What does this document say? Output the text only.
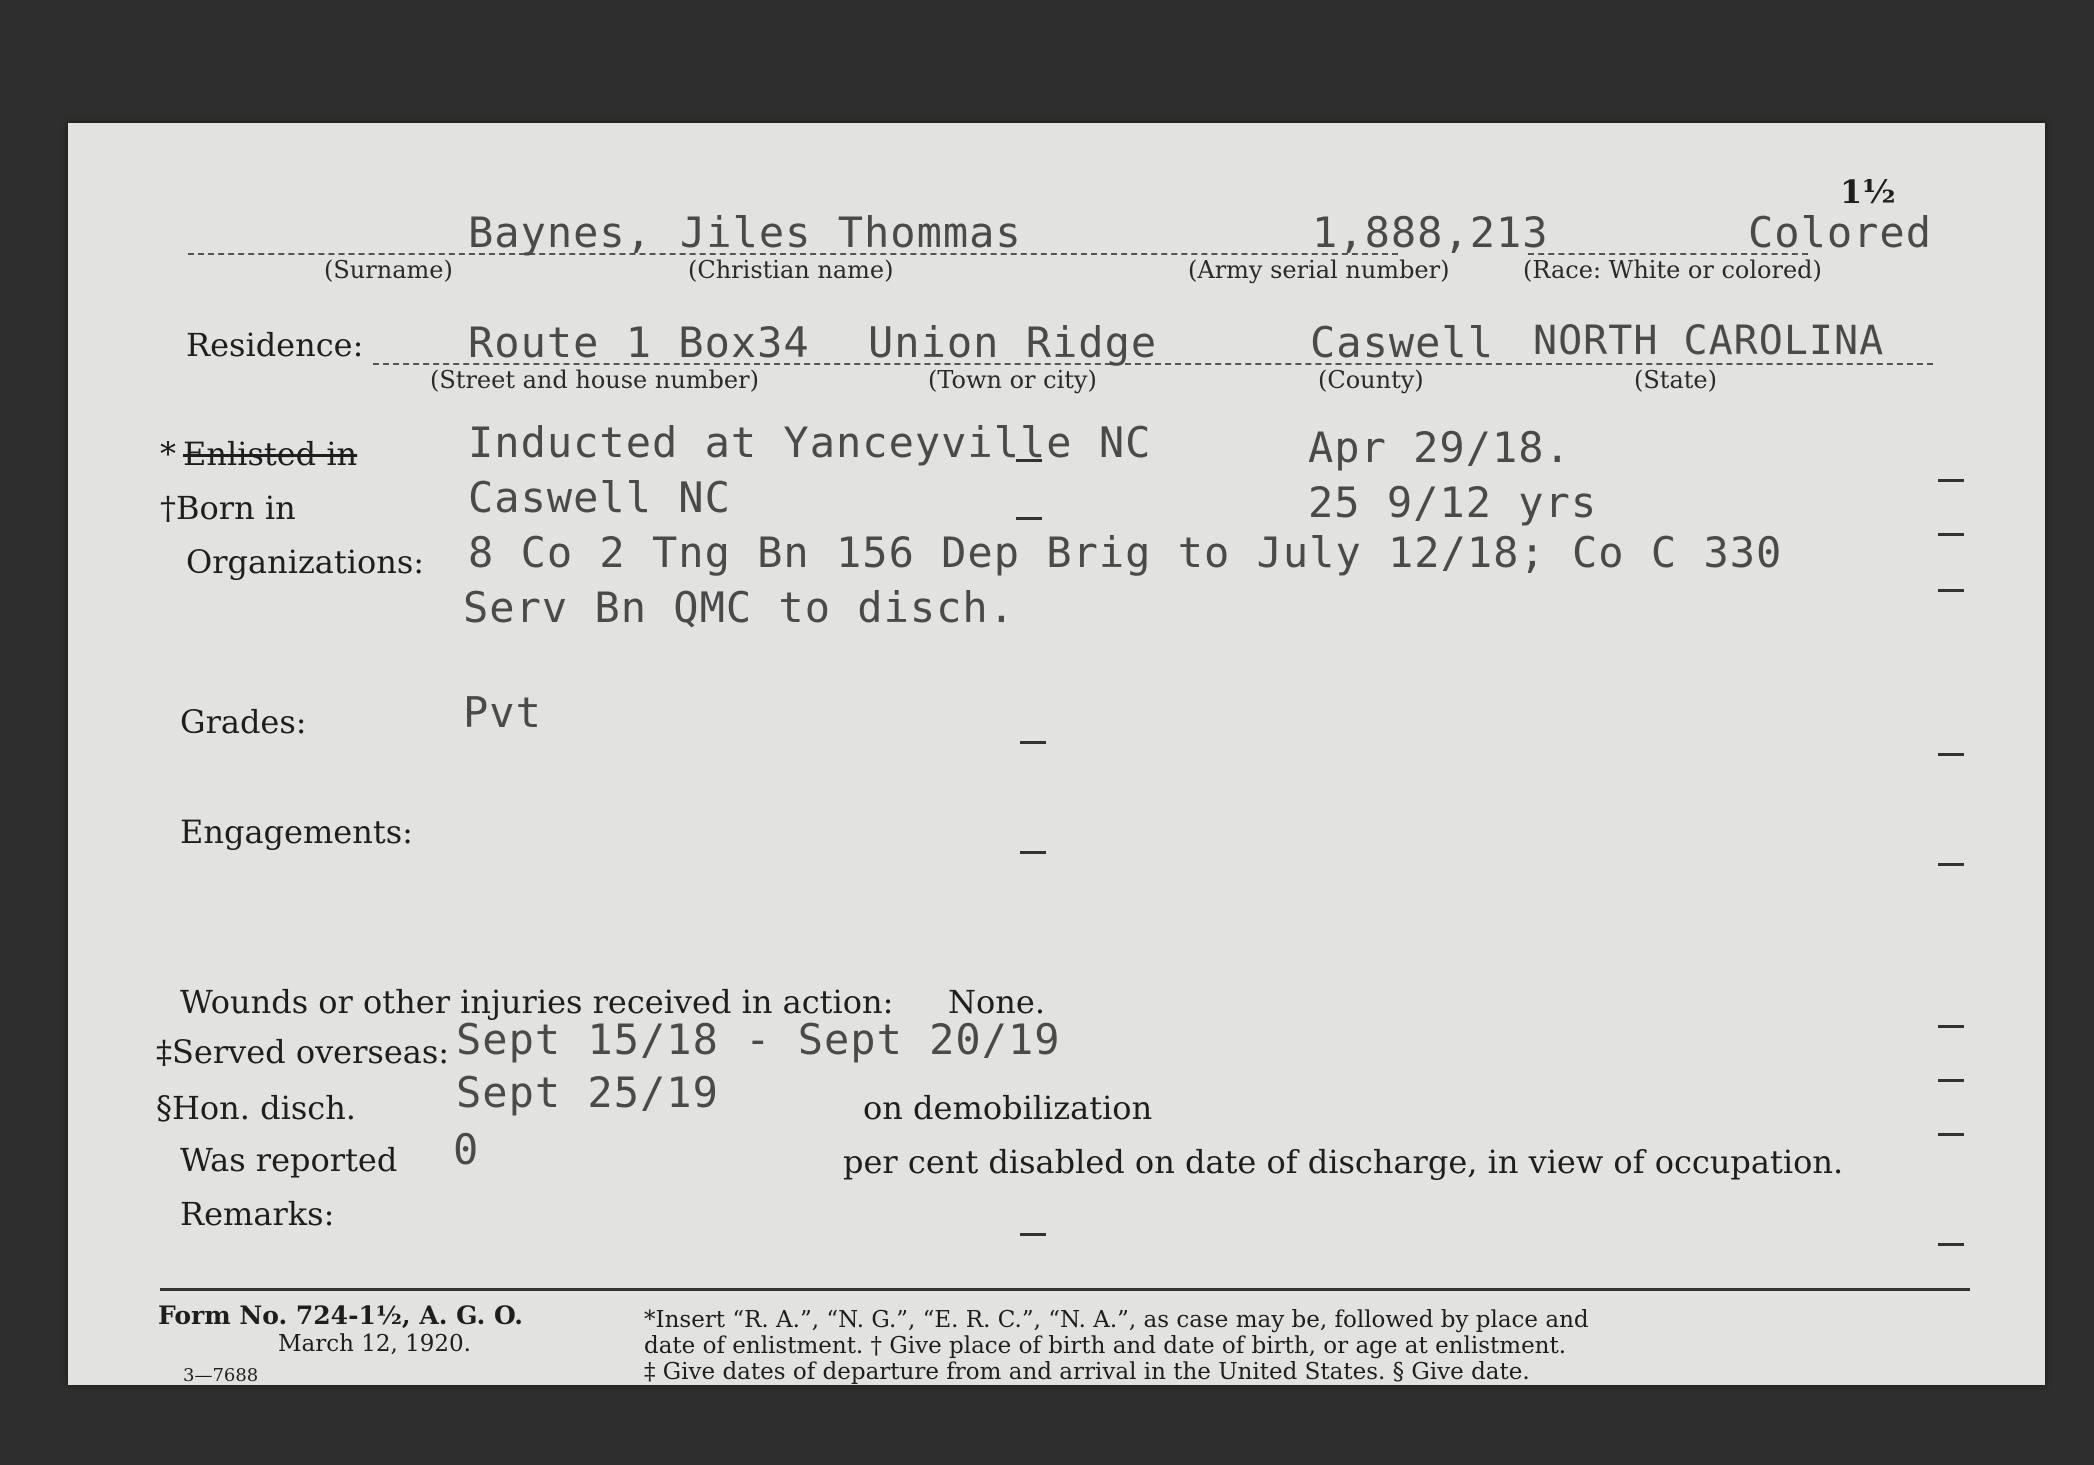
1½
Baynes, Jiles Thommas	1,888,213	Colored
(Surname)	(Christian name)	(Army serial number)	(Race: White or colored)
Residence: Route 1 Box34 Union Ridge	Caswell NORTH CAROLINA
(Street and house number)	(Town or city)	(County)	(State)
* Enlisted in	Inducted at Yanceyville NC	Apr 29/18.
†Born in	Caswell NC	25 9/12 yrs
Organizations: 8 Co 2 Tng Bn 156 Dep Brig to July 12/18; Co C 330
Serv Bn QMC to disch.
Grades:	Pvt
Engagements:
Wounds or other injuries received in action: None.
‡Served overseas: Sept 15/18 - Sept 20/19
§Hon. disch. Sept 25/19	on demobilization
Was reported 0	per cent disabled on date of discharge, in view of occupation.
Remarks:
Form No. 724-1½, A. G. O.
March 12, 1920.
3—7688
*Insert “R. A.”, “N. G.”, “E. R. C.”, “N. A.”, as case may be, followed by place and
date of enlistment. † Give place of birth and date of birth, or age at enlistment.
‡ Give dates of departure from and arrival in the United States. § Give date.
